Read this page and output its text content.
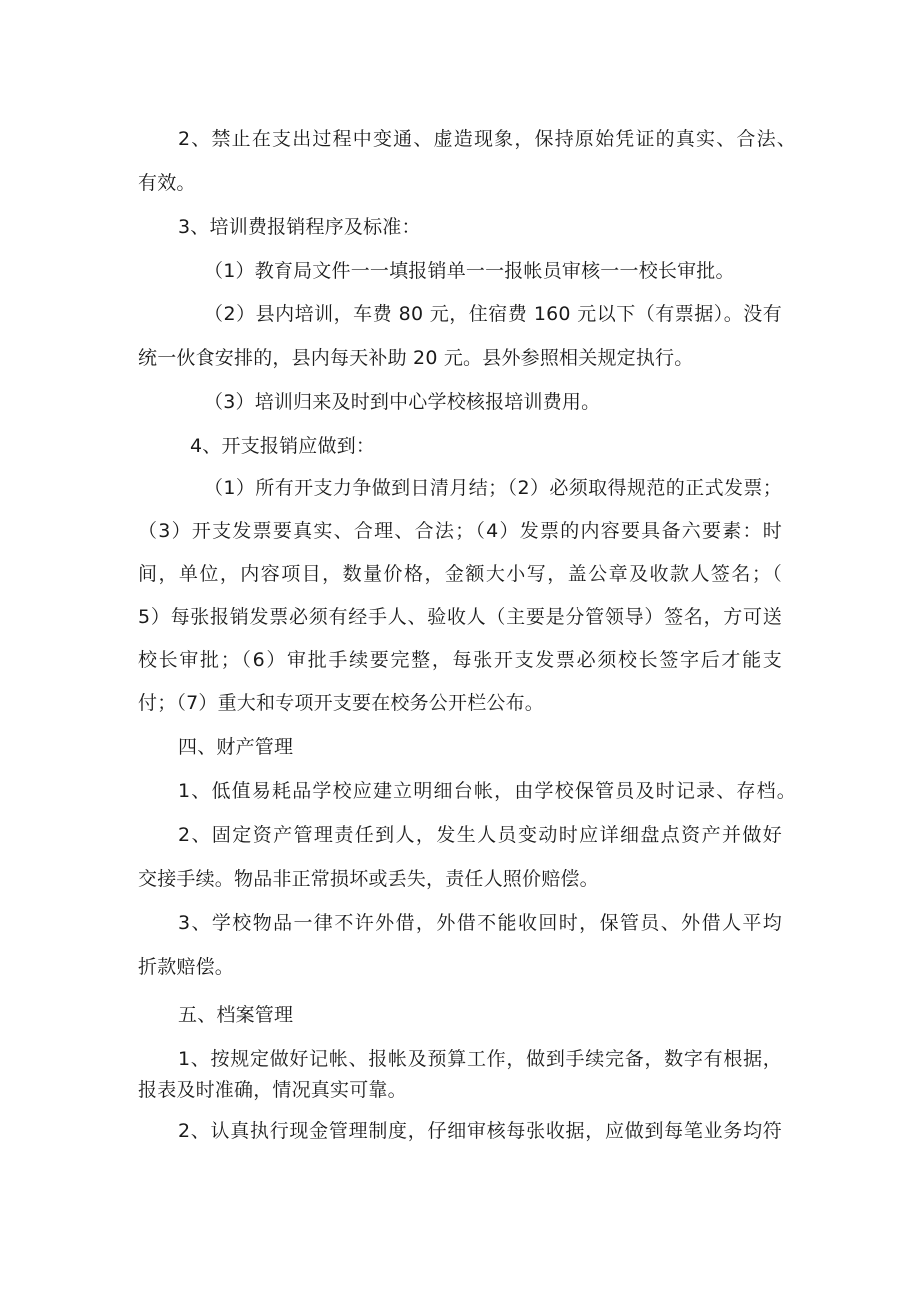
2、禁止在支出过程中变通、虚造现象，保持原始凭证的真实、合法、
有效。
3、培训费报销程序及标准：
（1）教育局文件一一填报销单一一报帐员审核一一校长审批。
（2）县内培训，车费 80 元，住宿费 160 元以下（有票据）。没有
统一伙食安排的，县内每天补助 20 元。县外参照相关规定执行。
（3）培训归来及时到中心学校核报培训费用。
4、开支报销应做到：
（1）所有开支力争做到日清月结；（2）必须取得规范的正式发票；
（3）开支发票要真实、合理、合法；（4）发票的内容要具备六要素：时
间，单位，内容项目，数量价格，金额大小写，盖公章及收款人签名；（
5）每张报销发票必须有经手人、验收人（主要是分管领导）签名，方可送
校长审批；（6）审批手续要完整，每张开支发票必须校长签字后才能支
付；（7）重大和专项开支要在校务公开栏公布。
四、财产管理
1、低值易耗品学校应建立明细台帐，由学校保管员及时记录、存档。
2、固定资产管理责任到人，发生人员变动时应详细盘点资产并做好
交接手续。物品非正常损坏或丢失，责任人照价赔偿。
3、学校物品一律不许外借，外借不能收回时，保管员、外借人平均
折款赔偿。
五、档案管理
1、按规定做好记帐、报帐及预算工作，做到手续完备，数字有根据，
报表及时准确，情况真实可靠。
2、认真执行现金管理制度，仔细审核每张收据，应做到每笔业务均符
